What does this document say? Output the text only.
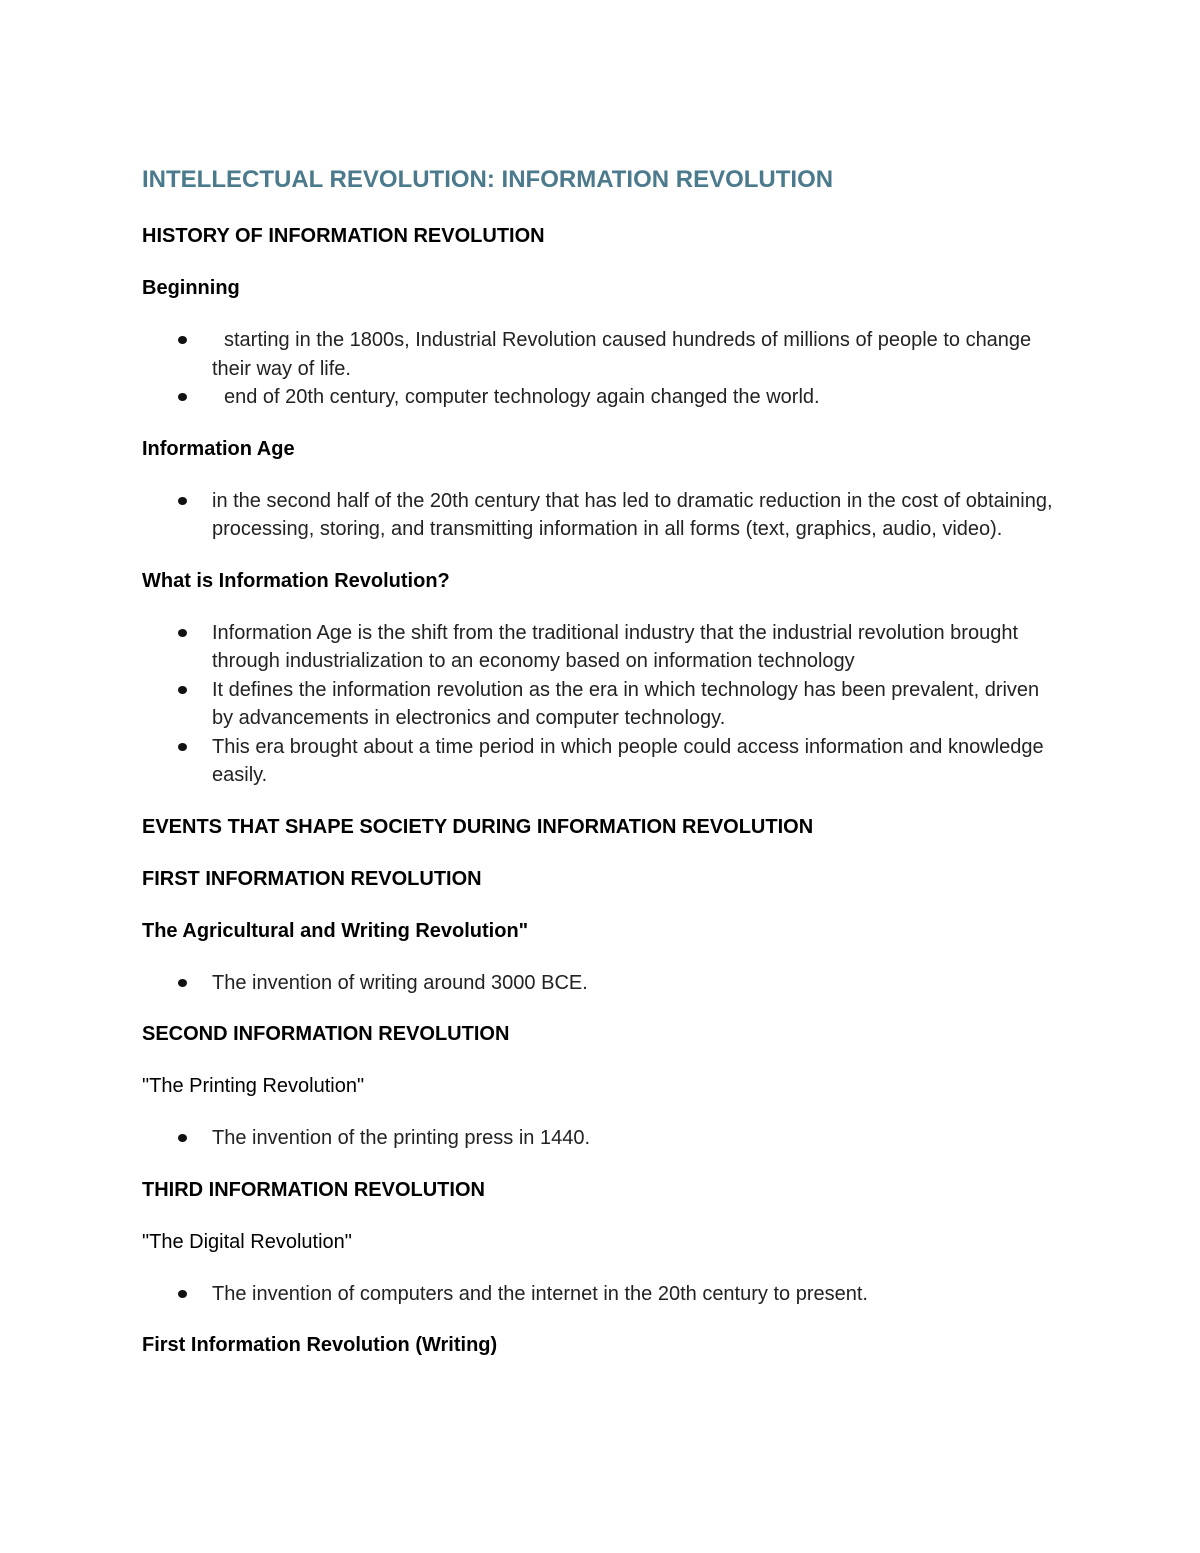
INTELLECTUAL REVOLUTION: INFORMATION REVOLUTION

HISTORY OF INFORMATION REVOLUTION

Beginning

starting in the 1800s, Industrial Revolution caused hundreds of millions of people to change their way of life.
end of 20th century, computer technology again changed the world.

Information Age

in the second half of the 20th century that has led to dramatic reduction in the cost of obtaining, processing, storing, and transmitting information in all forms (text, graphics, audio, video).

What is Information Revolution?

Information Age is the shift from the traditional industry that the industrial revolution brought through industrialization to an economy based on information technology
It defines the information revolution as the era in which technology has been prevalent, driven by advancements in electronics and computer technology.
This era brought about a time period in which people could access information and knowledge easily.

EVENTS THAT SHAPE SOCIETY DURING INFORMATION REVOLUTION

FIRST INFORMATION REVOLUTION

The Agricultural and Writing Revolution"

The invention of writing around 3000 BCE.

SECOND INFORMATION REVOLUTION

"The Printing Revolution"

The invention of the printing press in 1440.

THIRD INFORMATION REVOLUTION

"The Digital Revolution"

The invention of computers and the internet in the 20th century to present.

First Information Revolution (Writing)
